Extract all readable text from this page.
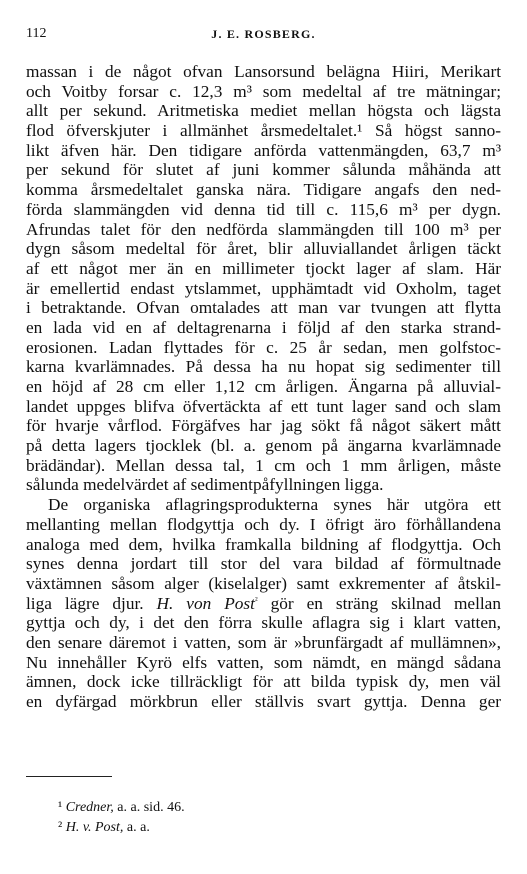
112	J. E. ROSBERG.
massan i de något ofvan Lansorsund belägna Hiiri, Merikart
och Voitby forsar c. 12,3 m³ som medeltal af tre mätningar;
allt per sekund. Aritmetiska mediet mellan högsta och lägsta
flod öfverskjuter i allmänhet årsmedeltalet.¹ Så högst sanno-
likt äfven här. Den tidigare anförda vattenmängden, 63,7 m³
per sekund för slutet af juni kommer sålunda måhända att
komma årsmedeltalet ganska nära. Tidigare angafs den ned-
förda slammängden vid denna tid till c. 115,6 m³ per dygn.
Afrundas talet för den nedförda slammängden till 100 m³ per
dygn såsom medeltal för året, blir alluviallandet årligen täckt
af ett något mer än en millimeter tjockt lager af slam. Här
är emellertid endast ytslammet, upphämtadt vid Oxholm, taget
i betraktande. Ofvan omtalades att man var tvungen att flytta
en lada vid en af deltagrenarna i följd af den starka strand-
erosionen. Ladan flyttades för c. 25 år sedan, men golfstoc-
karna kvarlämnades. På dessa ha nu hopat sig sedimenter till
en höjd af 28 cm eller 1,12 cm årligen. Ängarna på alluvial-
landet uppges blifva öfvertäckta af ett tunt lager sand och slam
för hvarje vårflod. Förgäfves har jag sökt få något säkert mått
på detta lagers tjocklek (bl. a. genom på ängarna kvarlämnade
brädändar). Mellan dessa tal, 1 cm och 1 mm årligen, måste
sålunda medelvärdet af sedimentpåfyllningen ligga.
De organiska aflagringsprodukterna synes här utgöra ett
mellanting mellan flodgyttja och dy. I öfrigt äro förhållandena
analoga med dem, hvilka framkalla bildning af flodgyttja. Och
synes denna jordart till stor del vara bildad af förmultnade
växtämnen såsom alger (kiselalger) samt exkrementer af åtskil-
liga lägre djur. H. von Post$^{^2}$ gör en sträng skilnad mellan
gyttja och dy, i det den förra skulle aflagra sig i klart vatten,
den senare däremot i vatten, som är »brunfärgadt af mullämnen»,
Nu innehåller Kyrö elfs vatten, som nämdt, en mängd sådana
ämnen, dock icke tillräckligt för att bilda typisk dy, men väl
en dyfärgad mörkbrun eller ställvis svart gyttja. Denna ger
¹ Credner, a. a. sid. 46.
² H. v. Post, a. a.
